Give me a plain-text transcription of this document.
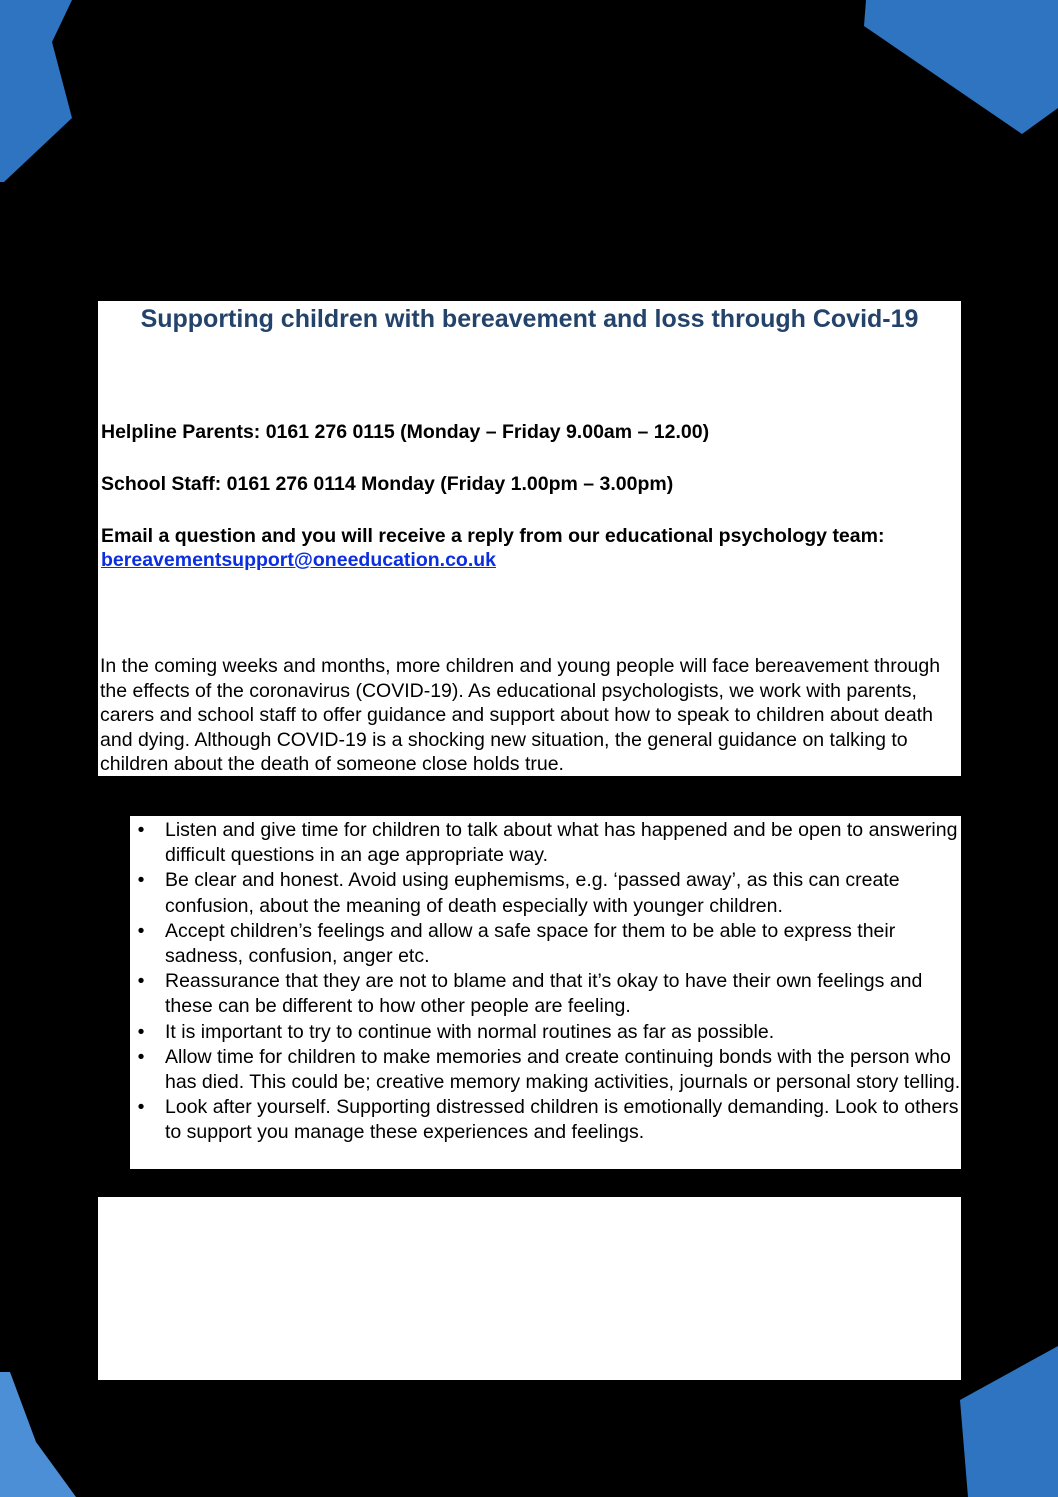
Supporting children with bereavement and loss through Covid-19
Helpline Parents: 0161 276 0115 (Monday – Friday 9.00am – 12.00)
School Staff: 0161 276 0114 Monday (Friday 1.00pm – 3.00pm)
Email a question and you will receive a reply from our educational psychology team: bereavementsupport@oneeducation.co.uk
In the coming weeks and months, more children and young people will face bereavement through the effects of the coronavirus (COVID-19). As educational psychologists, we work with parents, carers and school staff to offer guidance and support about how to speak to children about death and dying. Although COVID-19 is a shocking new situation, the general guidance on talking to children about the death of someone close holds true.
• Listen and give time for children to talk about what has happened and be open to answering difficult questions in an age appropriate way.
• Be clear and honest. Avoid using euphemisms, e.g. ‘passed away’, as this can create confusion, about the meaning of death especially with younger children.
• Accept children’s feelings and allow a safe space for them to be able to express their sadness, confusion, anger etc.
• Reassurance that they are not to blame and that it’s okay to have their own feelings and these can be different to how other people are feeling.
• It is important to try to continue with normal routines as far as possible.
• Allow time for children to make memories and create continuing bonds with the person who has died. This could be; creative memory making activities, journals or personal story telling.
• Look after yourself. Supporting distressed children is emotionally demanding. Look to others to support you manage these experiences and feelings.
